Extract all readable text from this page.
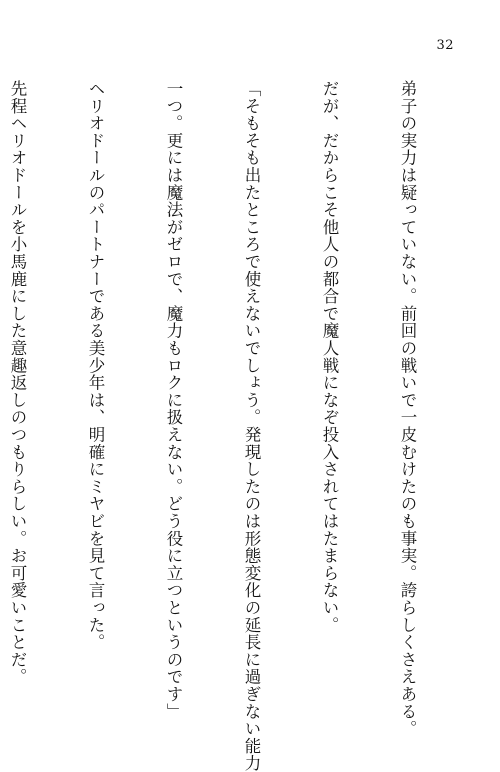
32

弟子の実力は疑っていない。前回の戦いで一皮むけたのも事実。誇らしくさえある。

だが、だからこそ他人の都合で魔人戦になぞ投入されてはたまらない。

「そもそも出たところで使えないでしょう。発現したのは形態変化の延長に過ぎない能力

一つ。更には魔法がゼロで、魔力もロクに扱えない。どう役に立つというのです」

ヘリオドールのパートナーである美少年は、明確にミヤビを見て言った。

先程ヘリオドールを小馬鹿にした意趣返しのつもりらしい。お可愛いことだ。
